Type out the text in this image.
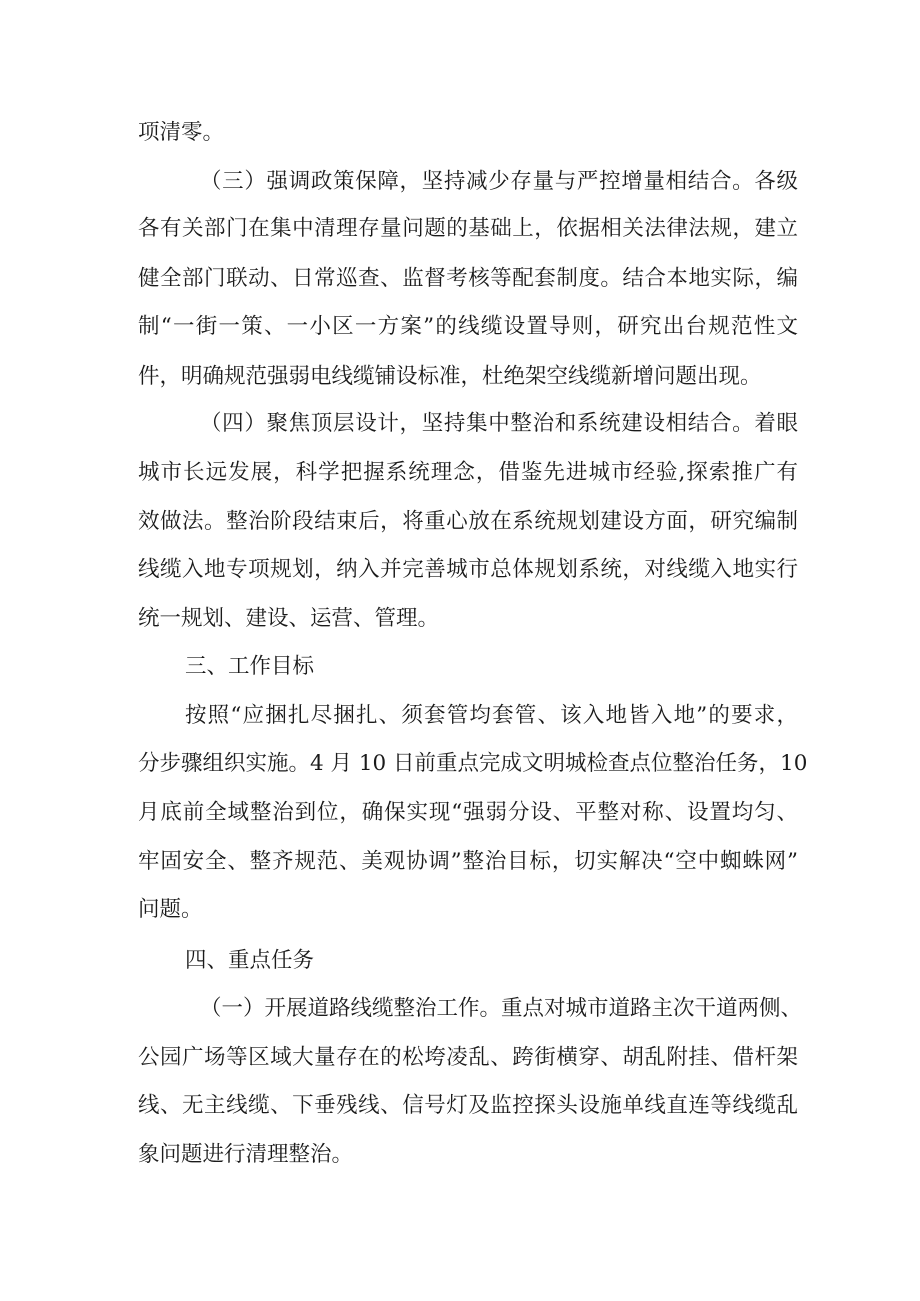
项清零。
（三）强调政策保障，坚持减少存量与严控增量相结合。各级
各有关部门在集中清理存量问题的基础上，依据相关法律法规，建立
健全部门联动、日常巡查、监督考核等配套制度。结合本地实际，编
制“一街一策、一小区一方案”的线缆设置导则，研究出台规范性文
件，明确规范强弱电线缆铺设标准，杜绝架空线缆新增问题出现。
（四）聚焦顶层设计，坚持集中整治和系统建设相结合。着眼
城市长远发展，科学把握系统理念，借鉴先进城市经验,探索推广有
效做法。整治阶段结束后，将重心放在系统规划建设方面，研究编制
线缆入地专项规划，纳入并完善城市总体规划系统，对线缆入地实行
统一规划、建设、运营、管理。
三、工作目标
按照“应捆扎尽捆扎、须套管均套管、该入地皆入地”的要求，
分步骤组织实施。4 月 10 日前重点完成文明城检查点位整治任务，10
月底前全域整治到位，确保实现“强弱分设、平整对称、设置均匀、
牢固安全、整齐规范、美观协调”整治目标，切实解决“空中蜘蛛网”
问题。
四、重点任务
（一）开展道路线缆整治工作。重点对城市道路主次干道两侧、
公园广场等区域大量存在的松垮凌乱、跨街横穿、胡乱附挂、借杆架
线、无主线缆、下垂残线、信号灯及监控探头设施单线直连等线缆乱
象问题进行清理整治。
